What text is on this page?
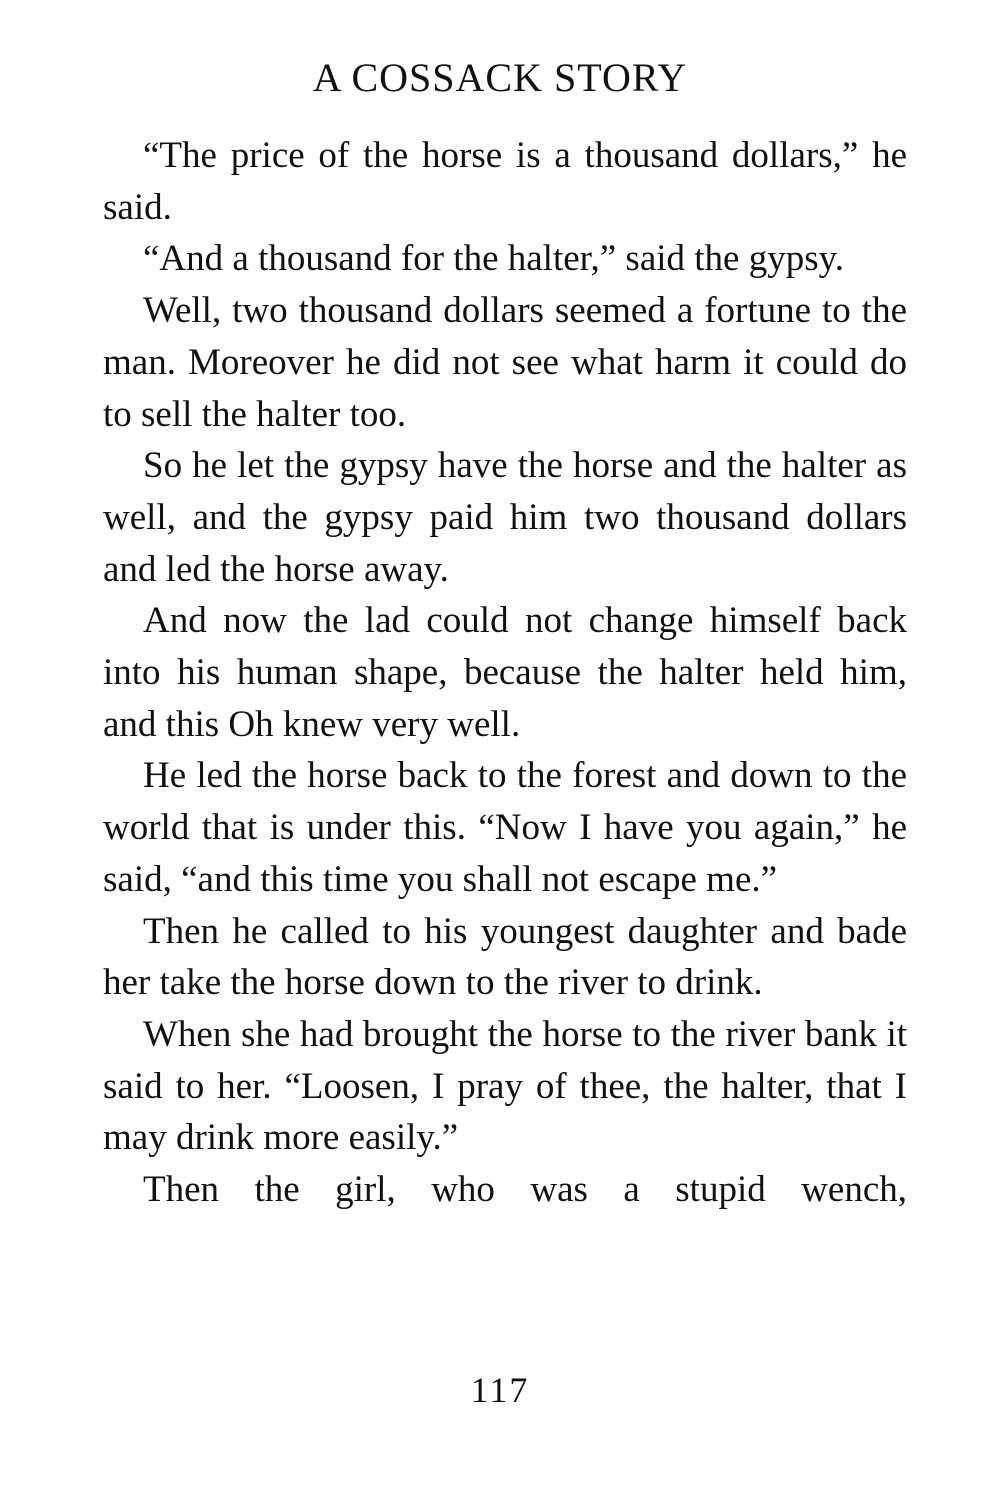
A COSSACK STORY

“The price of the horse is a thousand dollars,” he said.

“And a thousand for the halter,” said the gypsy.

Well, two thousand dollars seemed a fortune to the man. Moreover he did not see what harm it could do to sell the halter too.

So he let the gypsy have the horse and the halter as well, and the gypsy paid him two thousand dollars and led the horse away.

And now the lad could not change himself back into his human shape, because the halter held him, and this Oh knew very well.

He led the horse back to the forest and down to the world that is under this. “Now I have you again,” he said, “and this time you shall not escape me.”

Then he called to his youngest daughter and bade her take the horse down to the river to drink.

When she had brought the horse to the river bank it said to her. “Loosen, I pray of thee, the halter, that I may drink more easily.”

Then the girl, who was a stupid wench,

117
